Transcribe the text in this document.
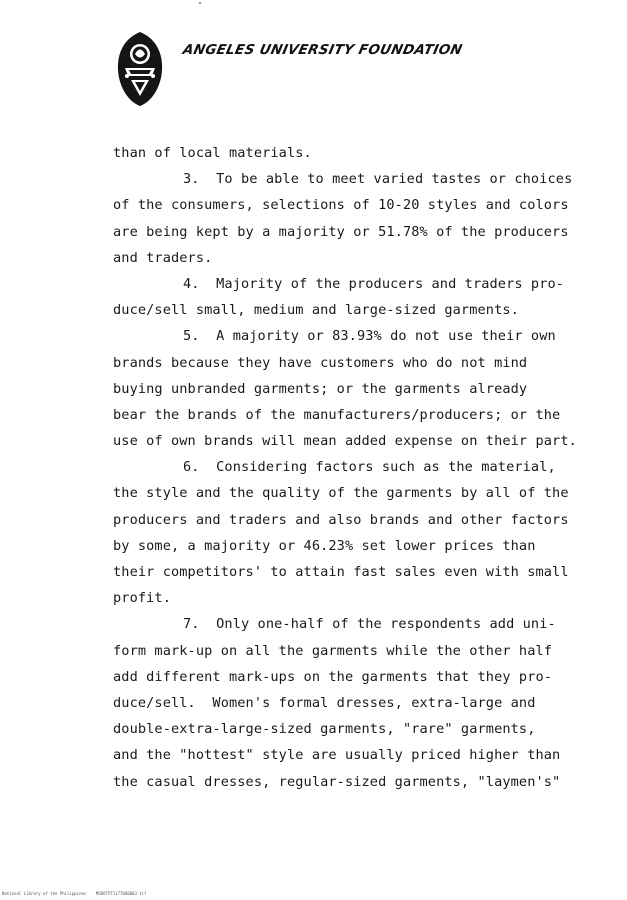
ANGELES UNIVERSITY FOUNDATION
than of local materials.
3.  To be able to meet varied tastes or choices
of the consumers, selections of 10-20 styles and colors
are being kept by a majority or 51.78% of the producers
and traders.
4.  Majority of the producers and traders pro-
duce/sell small, medium and large-sized garments.
5.  A majority or 83.93% do not use their own
brands because they have customers who do not mind
buying unbranded garments; or the garments already
bear the brands of the manufacturers/producers; or the
use of own brands will mean added expense on their part.
6.  Considering factors such as the material,
the style and the quality of the garments by all of the
producers and traders and also brands and other factors
by some, a majority or 46.23% set lower prices than
their competitors' to attain fast sales even with small
profit.
7.  Only one-half of the respondents add uni-
form mark-up on all the garments while the other half
add different mark-ups on the garments that they pro-
duce/sell.  Women's formal dresses, extra-large and
double-extra-large-sized garments, "rare" garments,
and the "hottest" style are usually priced higher than
the casual dresses, regular-sized garments, "laymen's"
National Library of the Philippines    MGDOTPT1177000063 tif
